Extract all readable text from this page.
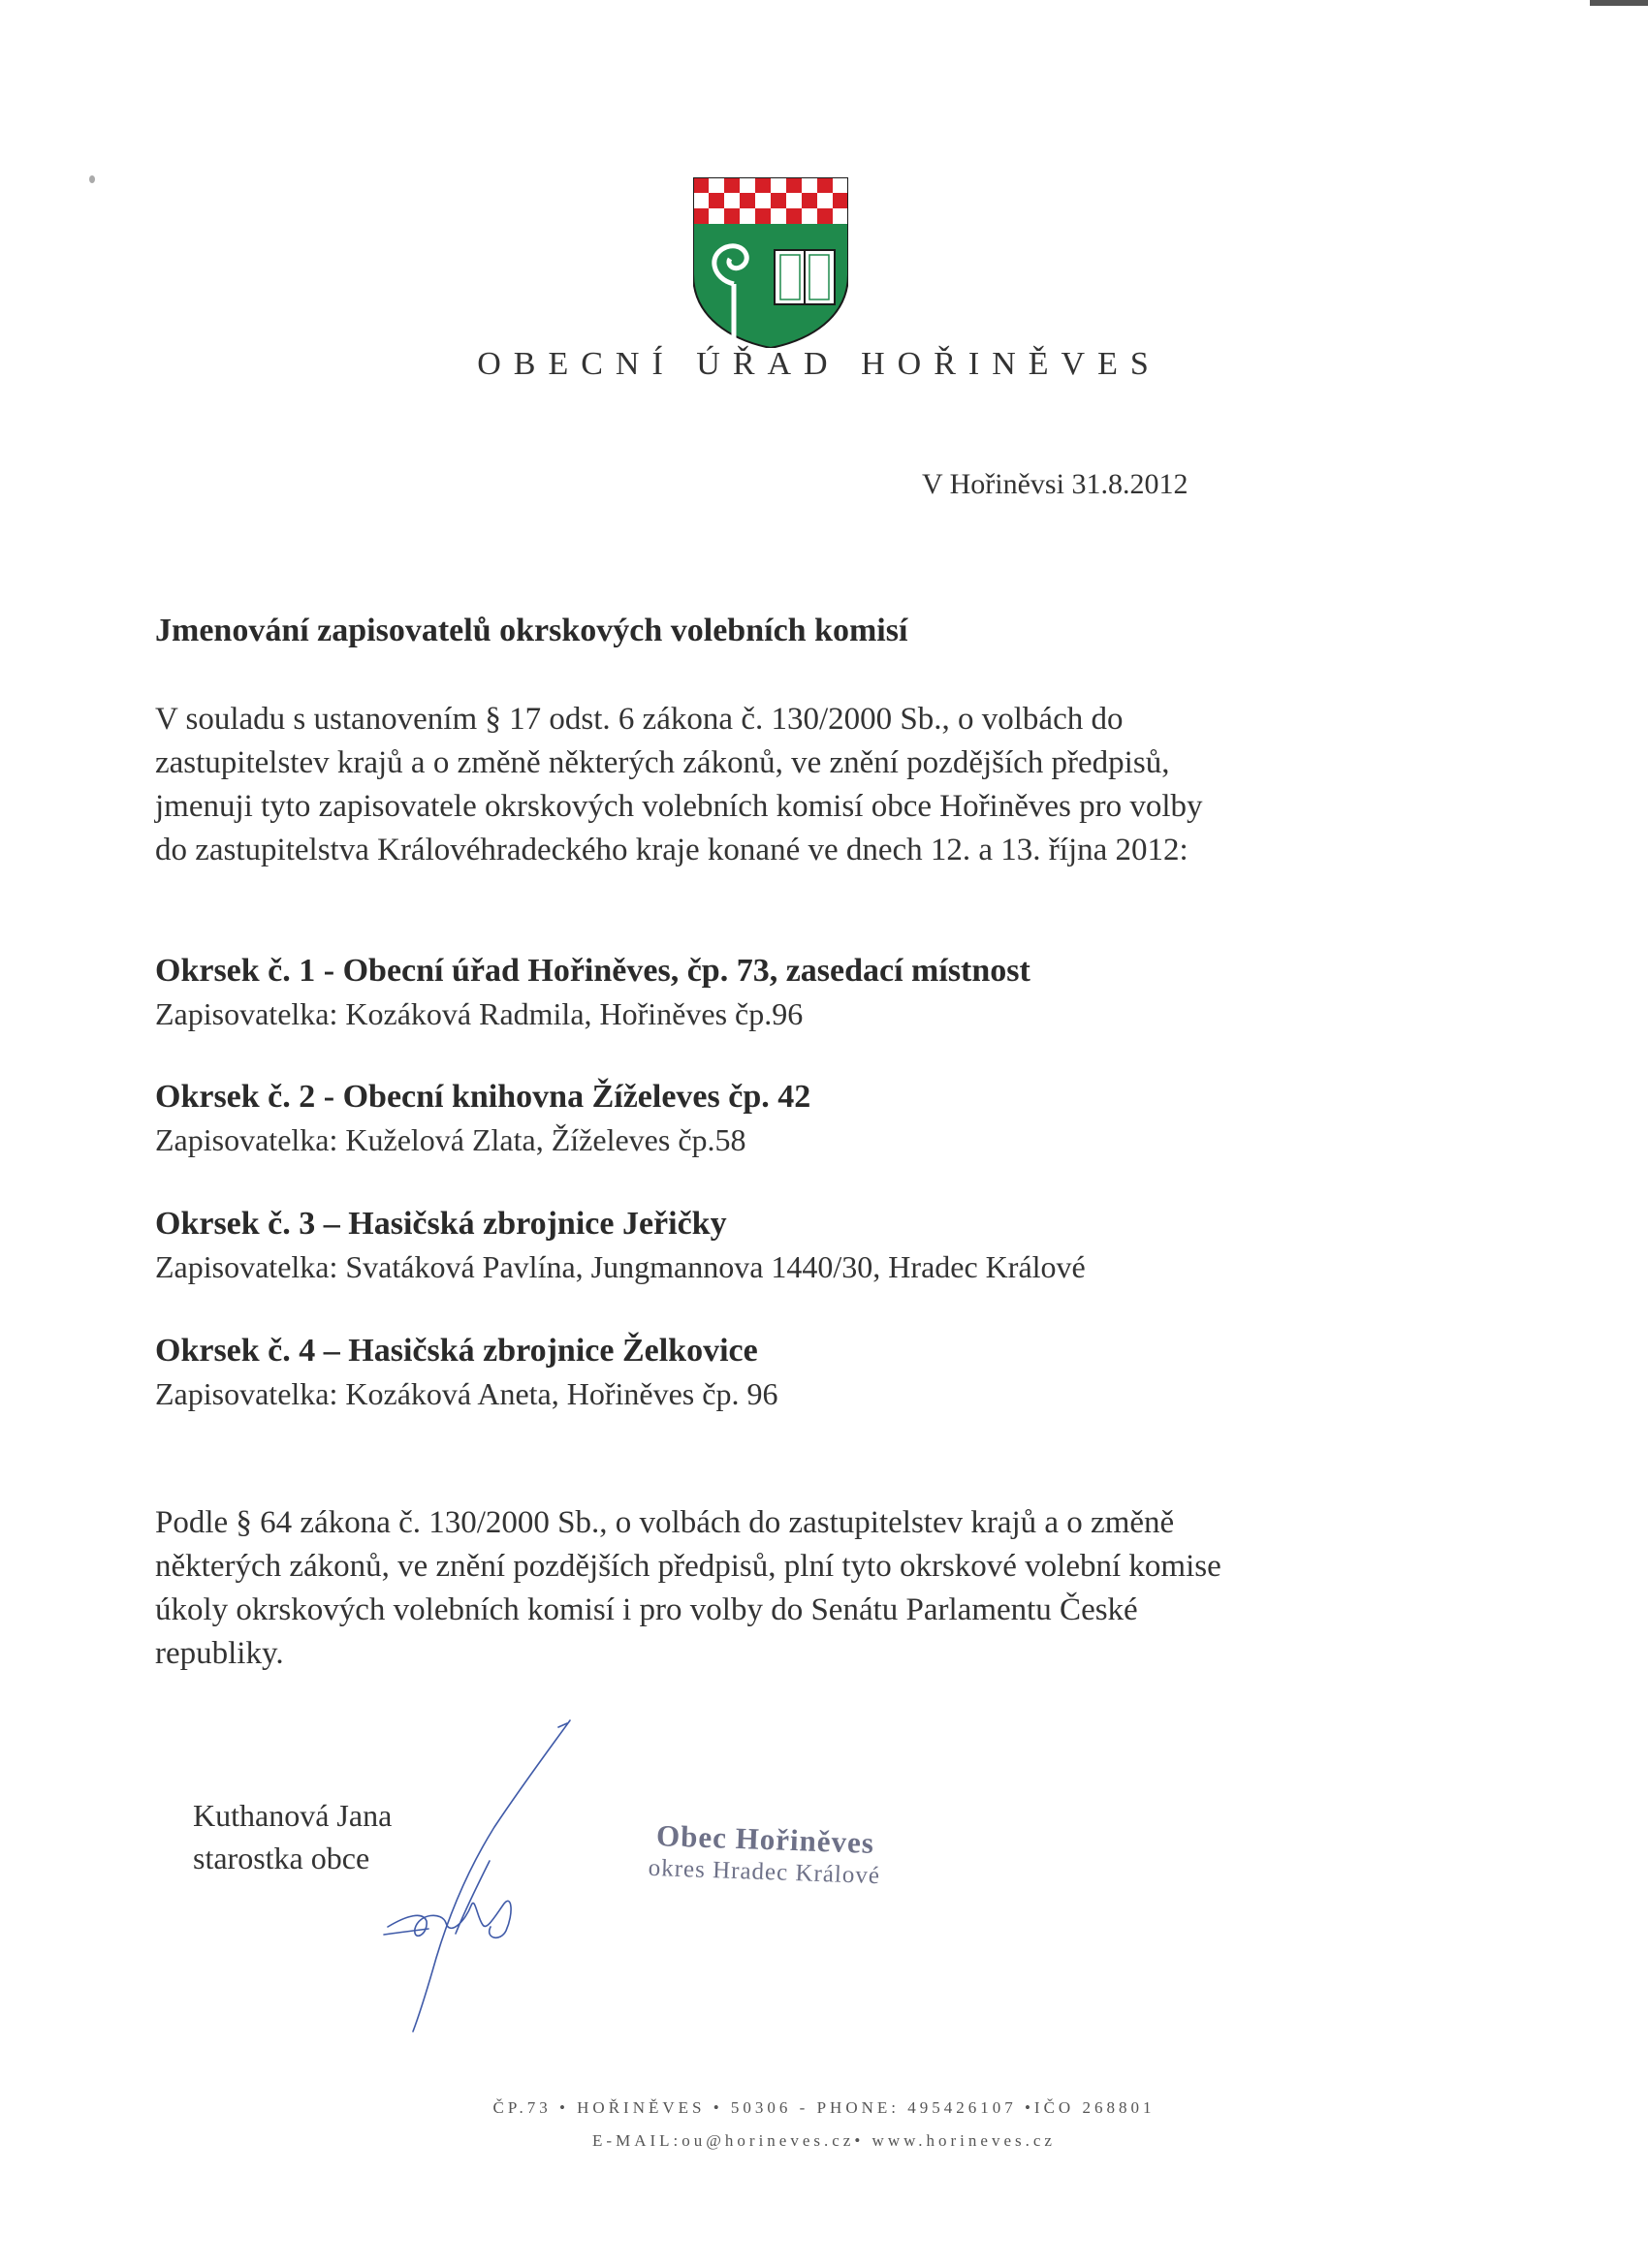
OBECNÍ ÚŘAD HOŘINĚVES
V Hořiněvsi 31.8.2012
Jmenování zapisovatelů okrskových volebních komisí
V souladu s ustanovením § 17 odst. 6 zákona č. 130/2000 Sb., o volbách do
zastupitelstev krajů a o změně některých zákonů, ve znění pozdějších předpisů,
jmenuji tyto zapisovatele okrskových volebních komisí obce Hořiněves pro volby
do zastupitelstva Královéhradeckého kraje konané ve dnech 12. a 13. října 2012:
Okrsek č. 1 - Obecní úřad Hořiněves, čp. 73, zasedací místnost
Zapisovatelka: Kozáková Radmila, Hořiněves čp.96
Okrsek č. 2 - Obecní knihovna Žíželeves čp. 42
Zapisovatelka: Kuželová Zlata, Žíželeves čp.58
Okrsek č. 3 – Hasičská zbrojnice Jeřičky
Zapisovatelka: Svatáková Pavlína, Jungmannova 1440/30, Hradec Králové
Okrsek č. 4 – Hasičská zbrojnice Želkovice
Zapisovatelka: Kozáková Aneta, Hořiněves čp. 96
Podle § 64 zákona č. 130/2000 Sb., o volbách do zastupitelstev krajů a o změně
některých zákonů, ve znění pozdějších předpisů, plní tyto okrskové volební komise
úkoly okrskových volebních komisí i pro volby do Senátu Parlamentu České
republiky.
Kuthanová Jana
starostka obce	Obec Hořiněves
okres Hradec Králové
ČP.73 • HOŘINĚVES • 50306 - PHONE: 495426107 •IČO 268801
E-MAIL:ou@horineves.cz• www.horineves.cz
